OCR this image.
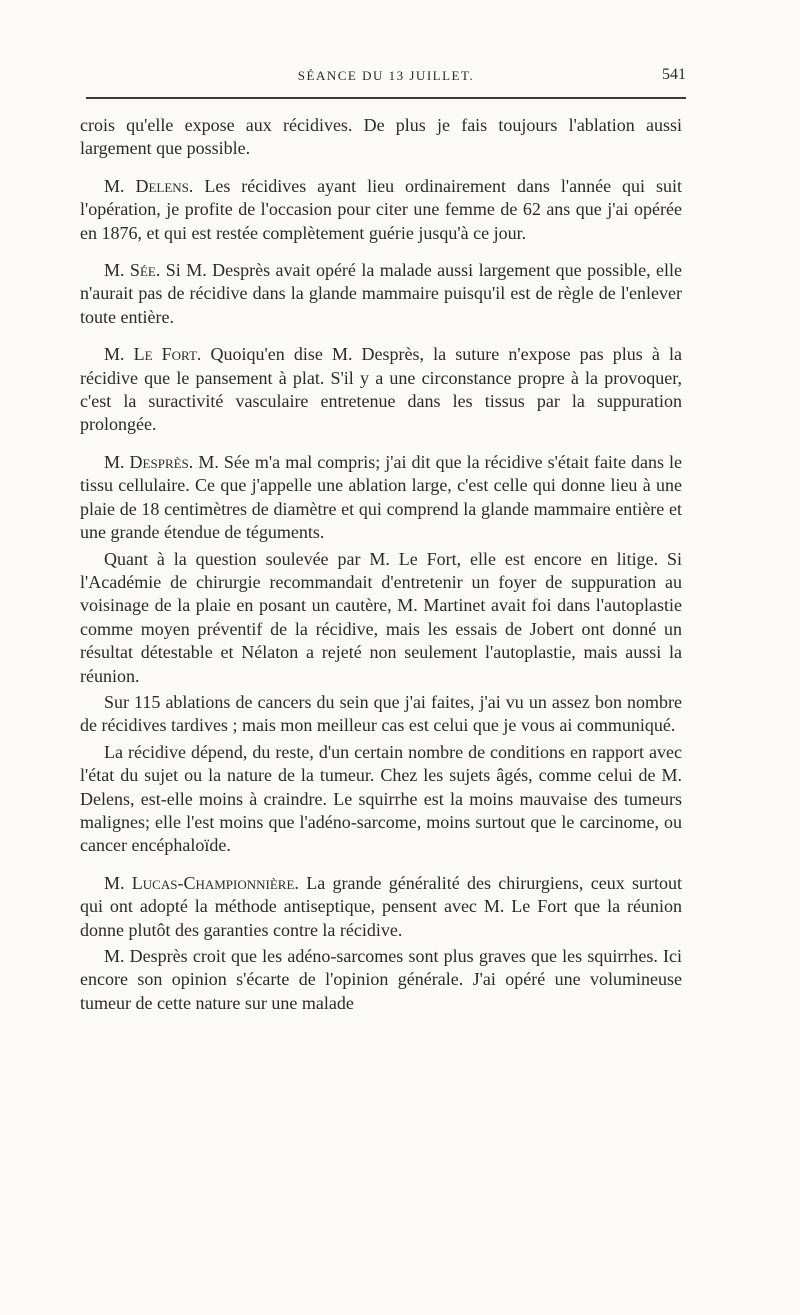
SÉANCE DU 13 JUILLET.	541

crois qu'elle expose aux récidives. De plus je fais toujours l'ablation aussi largement que possible.

M. Delens. Les récidives ayant lieu ordinairement dans l'année qui suit l'opération, je profite de l'occasion pour citer une femme de 62 ans que j'ai opérée en 1876, et qui est restée complètement guérie jusqu'à ce jour.

M. Sée. Si M. Desprès avait opéré la malade aussi largement que possible, elle n'aurait pas de récidive dans la glande mammaire puisqu'il est de règle de l'enlever toute entière.

M. Le Fort. Quoiqu'en dise M. Desprès, la suture n'expose pas plus à la récidive que le pansement à plat. S'il y a une circonstance propre à la provoquer, c'est la suractivité vasculaire entretenue dans les tissus par la suppuration prolongée.

M. Desprès. M. Sée m'a mal compris; j'ai dit que la récidive s'était faite dans le tissu cellulaire. Ce que j'appelle une ablation large, c'est celle qui donne lieu à une plaie de 18 centimètres de diamètre et qui comprend la glande mammaire entière et une grande étendue de téguments.

Quant à la question soulevée par M. Le Fort, elle est encore en litige. Si l'Académie de chirurgie recommandait d'entretenir un foyer de suppuration au voisinage de la plaie en posant un cautère, M. Martinet avait foi dans l'autoplastie comme moyen préventif de la récidive, mais les essais de Jobert ont donné un résultat détestable et Nélaton a rejeté non seulement l'autoplastie, mais aussi la réunion.

Sur 115 ablations de cancers du sein que j'ai faites, j'ai vu un assez bon nombre de récidives tardives ; mais mon meilleur cas est celui que je vous ai communiqué.

La récidive dépend, du reste, d'un certain nombre de conditions en rapport avec l'état du sujet ou la nature de la tumeur. Chez les sujets âgés, comme celui de M. Delens, est-elle moins à craindre. Le squirrhe est la moins mauvaise des tumeurs malignes; elle l'est moins que l'adéno-sarcome, moins surtout que le carcinome, ou cancer encéphaloïde.

M. Lucas-Championnière. La grande généralité des chirurgiens, ceux surtout qui ont adopté la méthode antiseptique, pensent avec M. Le Fort que la réunion donne plutôt des garanties contre la récidive.

M. Desprès croit que les adéno-sarcomes sont plus graves que les squirrhes. Ici encore son opinion s'écarte de l'opinion générale. J'ai opéré une volumineuse tumeur de cette nature sur une malade
